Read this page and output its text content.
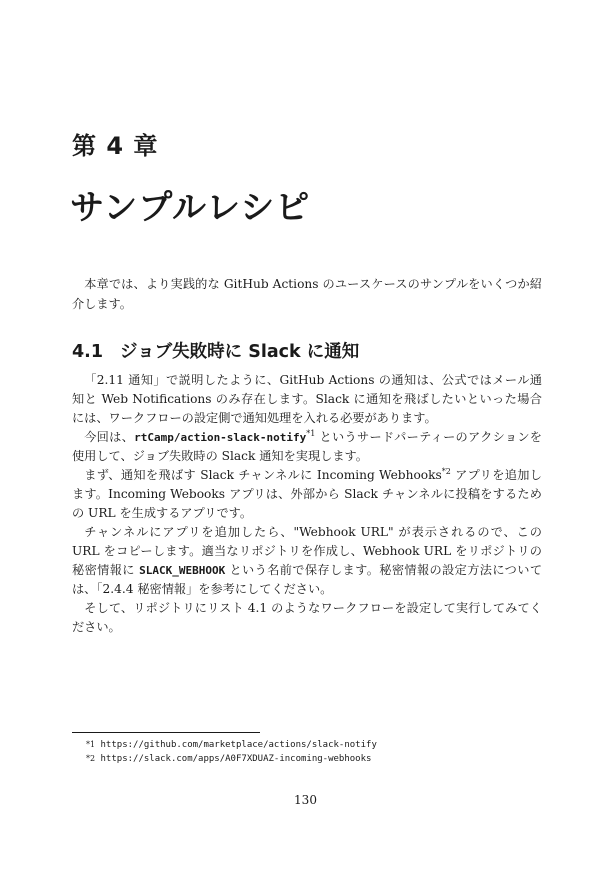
第 4 章
サンプルレシピ

本章では、より実践的な GitHub Actions のユースケースのサンプルをいくつか紹介します。

4.1 ジョブ失敗時に Slack に通知

「2.11 通知」で説明したように、GitHub Actions の通知は、公式ではメール通知と Web Notifications のみ存在します。Slack に通知を飛ばしたいといった場合には、ワークフローの設定側で通知処理を入れる必要があります。

今回は、rtCamp/action-slack-notify$^{*1}$ というサードパーティーのアクションを使用して、ジョブ失敗時の Slack 通知を実現します。

まず、通知を飛ばす Slack チャンネルに Incoming Webhooks$^{*2}$ アプリを追加します。Incoming Webooks アプリは、外部から Slack チャンネルに投稿をするための URL を生成するアプリです。

チャンネルにアプリを追加したら、"Webhook URL" が表示されるので、この URL をコピーします。適当なリポジトリを作成し、Webhook URL をリポジトリの秘密情報に SLACK_WEBHOOK という名前で保存します。秘密情報の設定方法については、「2.4.4 秘密情報」を参考にしてください。

そして、リポジトリにリスト 4.1 のようなワークフローを設定して実行してみてください。

*1 https://github.com/marketplace/actions/slack-notify
*2 https://slack.com/apps/A0F7XDUAZ-incoming-webhooks
130
